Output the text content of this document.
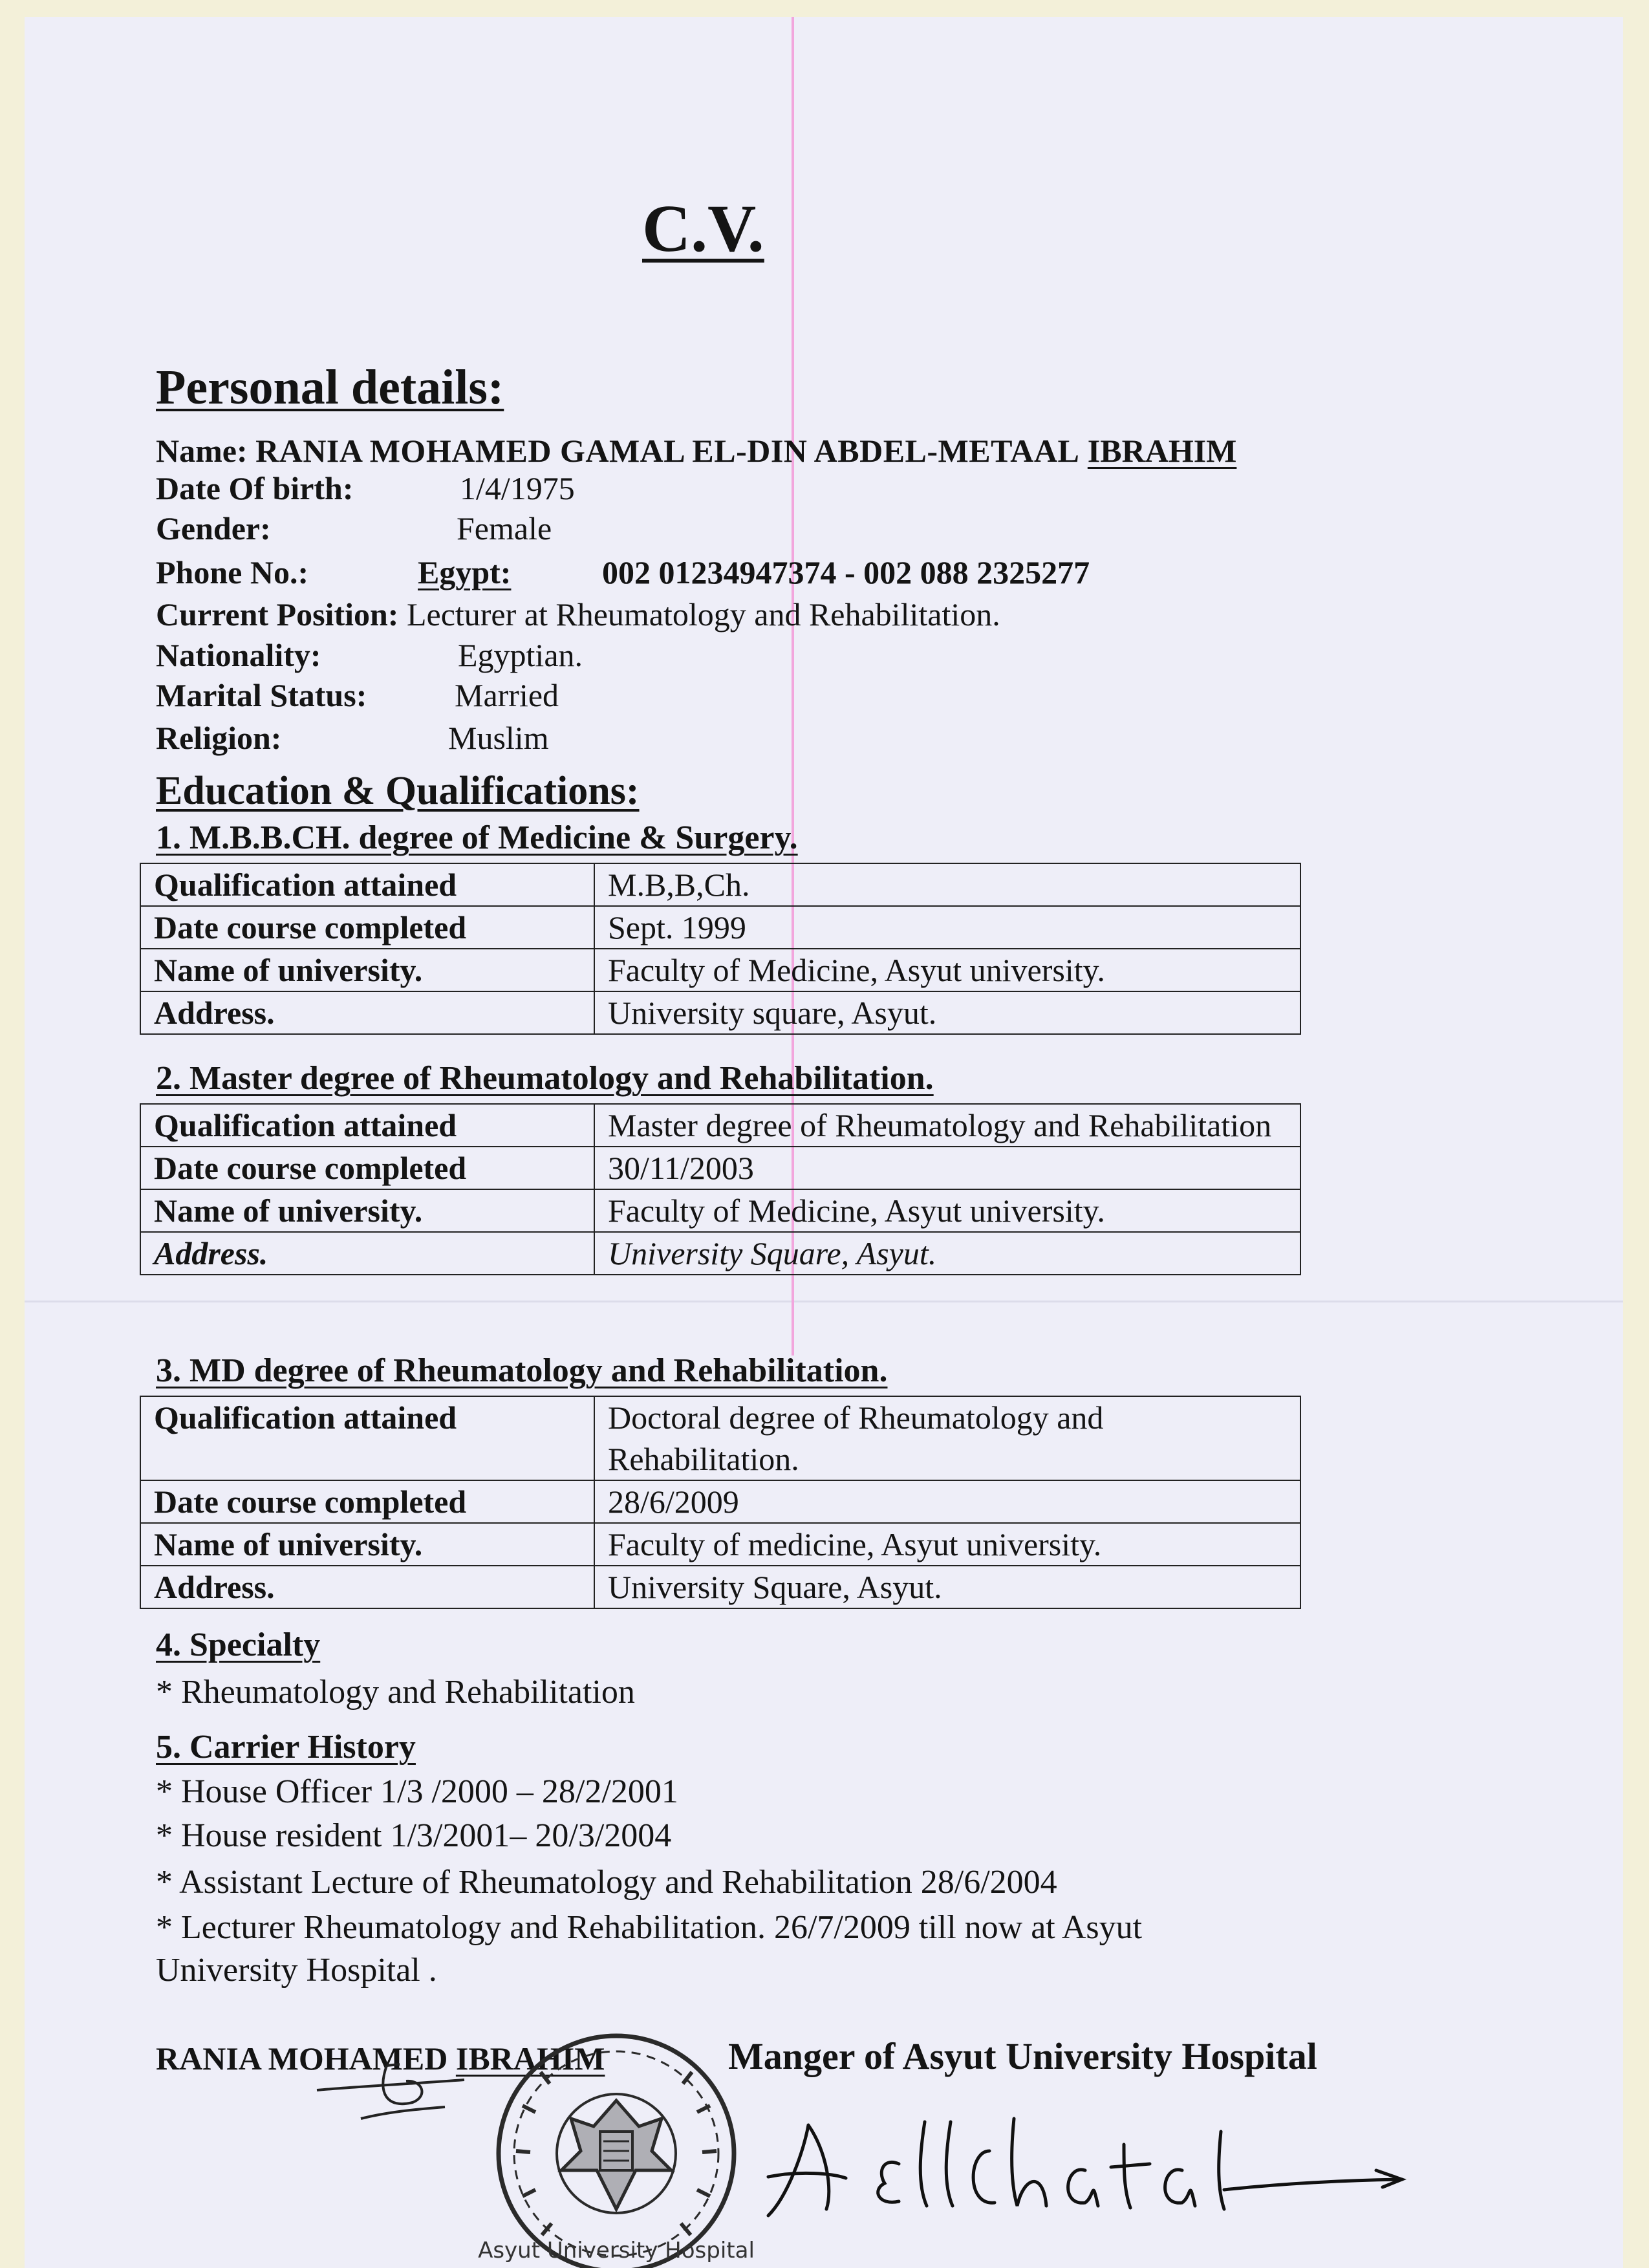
C.V.
Personal details:
Name: RANIA MOHAMED GAMAL EL-DIN ABDEL-METAAL IBRAHIM
Date Of birth:	1/4/1975
Gender:	Female
Phone No.:	Egypt:	002 01234947374 - 002 088 2325277
Current Position: Lecturer at Rheumatology and Rehabilitation.
Nationality:	Egyptian.
Marital Status:	Married
Religion:	Muslim
Education & Qualifications:
1. M.B.B.CH. degree of Medicine & Surgery.
Qualification attained	M.B,B,Ch.
Date course completed	Sept. 1999
Name of university.	Faculty of Medicine, Asyut university.
Address.	University square, Asyut.
2. Master degree of Rheumatology and Rehabilitation.
Qualification attained	Master degree of Rheumatology and Rehabilitation
Date course completed	30/11/2003
Name of university.	Faculty of Medicine, Asyut university.
Address.	University Square, Asyut.
3. MD degree of Rheumatology and Rehabilitation.
Qualification attained	Doctoral degree of Rheumatology and Rehabilitation.
Date course completed	28/6/2009
Name of university.	Faculty of medicine, Asyut university.
Address.	University Square, Asyut.
4. Specialty
* Rheumatology and Rehabilitation
5. Carrier History
* House Officer 1/3 /2000 – 28/2/2001
* House resident 1/3/2001– 20/3/2004
* Assistant Lecture of Rheumatology and Rehabilitation 28/6/2004
* Lecturer Rheumatology and Rehabilitation. 26/7/2009 till now at Asyut
University Hospital .
RANIA MOHAMED IBRAHIM	Manger of Asyut University Hospital
Asyut University Hospital
A Elkhatab
